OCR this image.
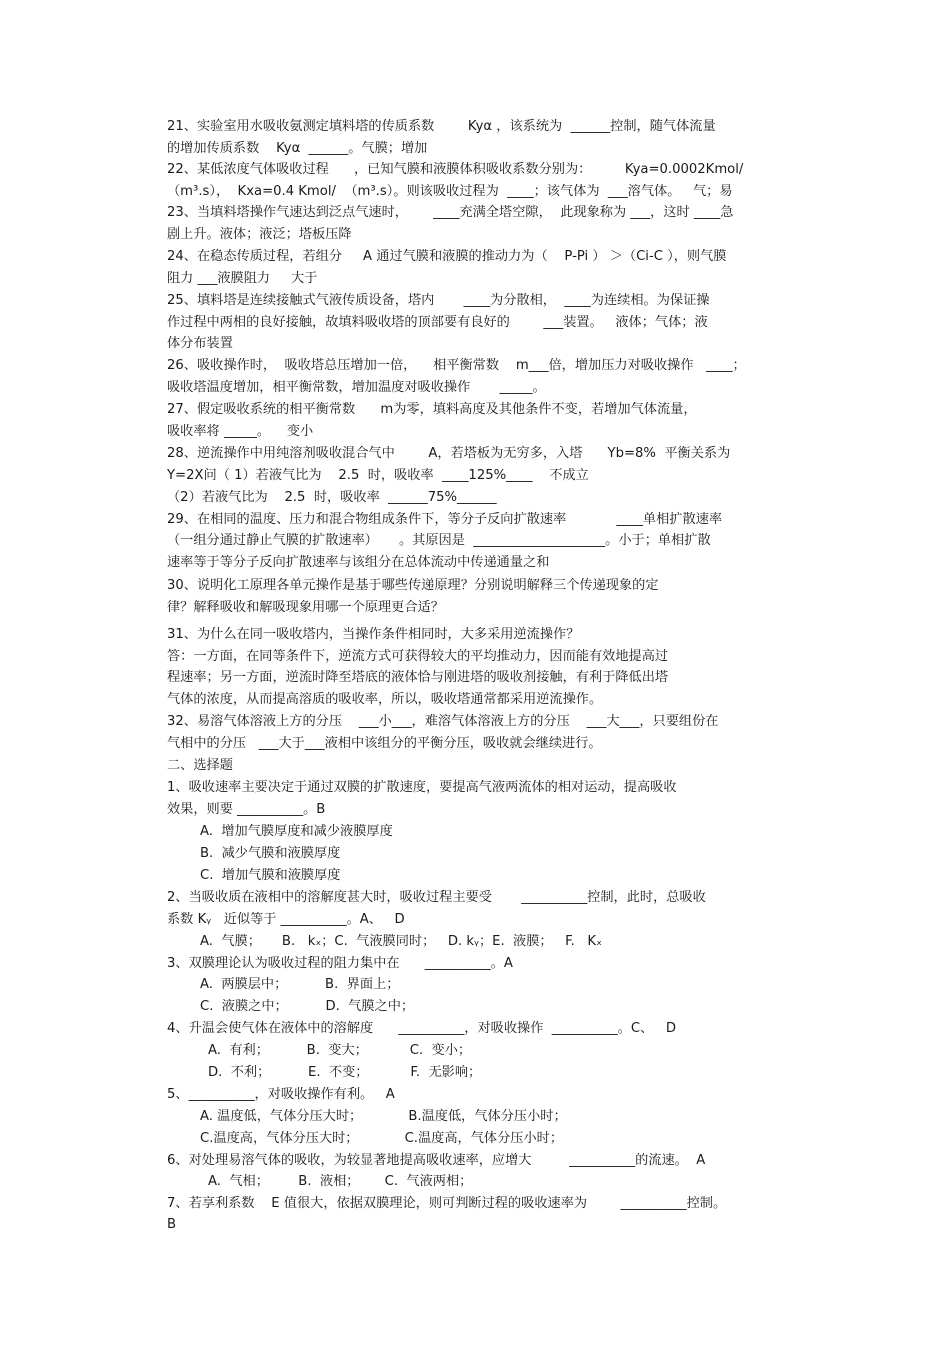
21、实验室用水吸收氨测定填料塔的传质系数        Kyα ，该系统为  ______控制，随气体流量
的增加传质系数    Kyα  ______。气膜；增加
22、某低浓度气体吸收过程      ，已知气膜和液膜体积吸收系数分别为：        Kya=0.0002Kmol/
（m³.s），  Kxa=0.4 Kmol/  （m³.s）。则该吸收过程为  ____；该气体为  ___溶气体。   气；易
23、当填料塔操作气速达到泛点气速时，      ____充满全塔空隙，  此现象称为 ___，这时 ____急
剧上升。液体；液泛；塔板压降
24、在稳态传质过程，若组分     A 通过气膜和液膜的推动力为（    P-Pi ） ＞（Ci-C ），则气膜
阻力 ___液膜阻力     大于
25、填料塔是连续接触式气液传质设备，塔内       ____为分散相，  ____为连续相。为保证操
作过程中两相的良好接触，故填料吸收塔的顶部要有良好的        ___装置。   液体；气体；液
体分布装置
26、吸收操作时，  吸收塔总压增加一倍，    相平衡常数    m___倍，增加压力对吸收操作   ____；
吸收塔温度增加，相平衡常数，增加温度对吸收操作       _____。
27、假定吸收系统的相平衡常数      m为零，填料高度及其他条件不变，若增加气体流量，
吸收率将 _____。    变小
28、逆流操作中用纯溶剂吸收混合气中        A，若塔板为无穷多，入塔      Yb=8%  平衡关系为
Y=2X问（ 1）若液气比为    2.5  时，吸收率  ____125%____    不成立
（2）若液气比为    2.5  时，吸收率  ______75%______
29、在相同的温度、压力和混合物组成条件下，等分子反向扩散速率            ____单相扩散速率
（一组分通过静止气膜的扩散速率）     。其原因是  ____________________。小于；单相扩散
速率等于等分子反向扩散速率与该组分在总体流动中传递通量之和
30、说明化工原理各单元操作是基于哪些传递原理？分别说明解释三个传递现象的定
律？解释吸收和解吸现象用哪一个原理更合适？
31、为什么在同一吸收塔内，当操作条件相同时，大多采用逆流操作？
答：一方面，在同等条件下，逆流方式可获得较大的平均推动力，因而能有效地提高过
程速率；另一方面，逆流时降至塔底的液体恰与刚进塔的吸收剂接触，有利于降低出塔
气体的浓度，从而提高溶质的吸收率，所以，吸收塔通常都采用逆流操作。
32、易溶气体溶液上方的分压    ___小___，难溶气体溶液上方的分压    ___大___，只要组份在
气相中的分压   ___大于___液相中该组分的平衡分压，吸收就会继续进行。
二、选择题
1、吸收速率主要决定于通过双膜的扩散速度，要提高气液两流体的相对运动，提高吸收
效果，则要 __________。B
A.  增加气膜厚度和减少液膜厚度
B.  减少气膜和液膜厚度
C.  增加气膜和液膜厚度
2、当吸收质在液相中的溶解度甚大时，吸收过程主要受       __________控制，此时，总吸收
系数 Kᵧ   近似等于 __________。A、   D
A.  气膜；     B.   kₓ；C.  气液膜同时；   D. kᵧ；E.  液膜；   F.   Kₓ
3、双膜理论认为吸收过程的阻力集中在      __________。A
A.  两膜层中；         B.  界面上；
C.  液膜之中；         D.  气膜之中；
4、升温会使气体在液体中的溶解度      __________，对吸收操作  __________。C、   D
A.  有利；         B.  变大；          C.  变小；
D.  不利；         E.  不变；          F.  无影响；
5、__________，对吸收操作有利。   A
A. 温度低，气体分压大时；           B.温度低，气体分压小时；
C.温度高，气体分压大时；           C.温度高，气体分压小时；
6、对处理易溶气体的吸收，为较显著地提高吸收速率，应增大         __________的流速。  A
A.  气相；       B.  液相；      C.  气液两相；
7、若享利系数    E 值很大，依据双膜理论，则可判断过程的吸收速率为        __________控制。
B
